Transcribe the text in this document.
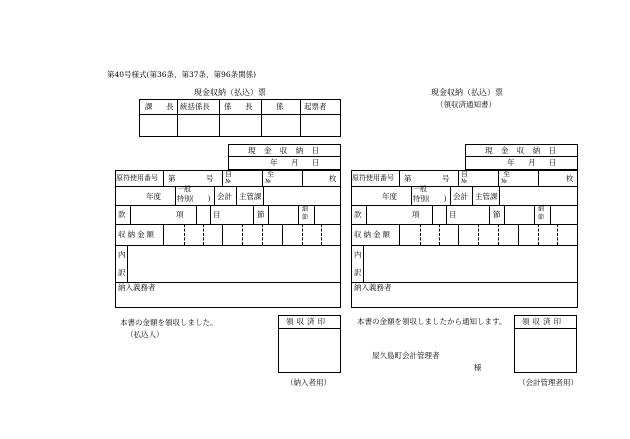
第40号様式(第36条、第37条、第96条関係)
現金収納（払込）票
課　長 統括係長 係　長	係	起票者
現 金 収 納 日
年　月　日
原符使用番号 第	号 自
№
至
№	枚
年度
一般
特別(　　) 会計 主管課
款	項	目	節
細節
収納金額
内
訳
納入義務者
本書の金額を領収しました。
（払込人）
領収済印
（納入者用）
現金収納（払込）票
（領収済通知書）
現 金 収 納 日
年　月　日
原符使用番号 第	号 自
№
至
№	枚
年度
一般
特別(　　) 会計 主管課
款	項	目	節
細節
収納金額
内
訳
納入義務者
本書の金額を領収しましたから通知します。
屋久島町会計管理者
様
領収済印
（会計管理者用）
